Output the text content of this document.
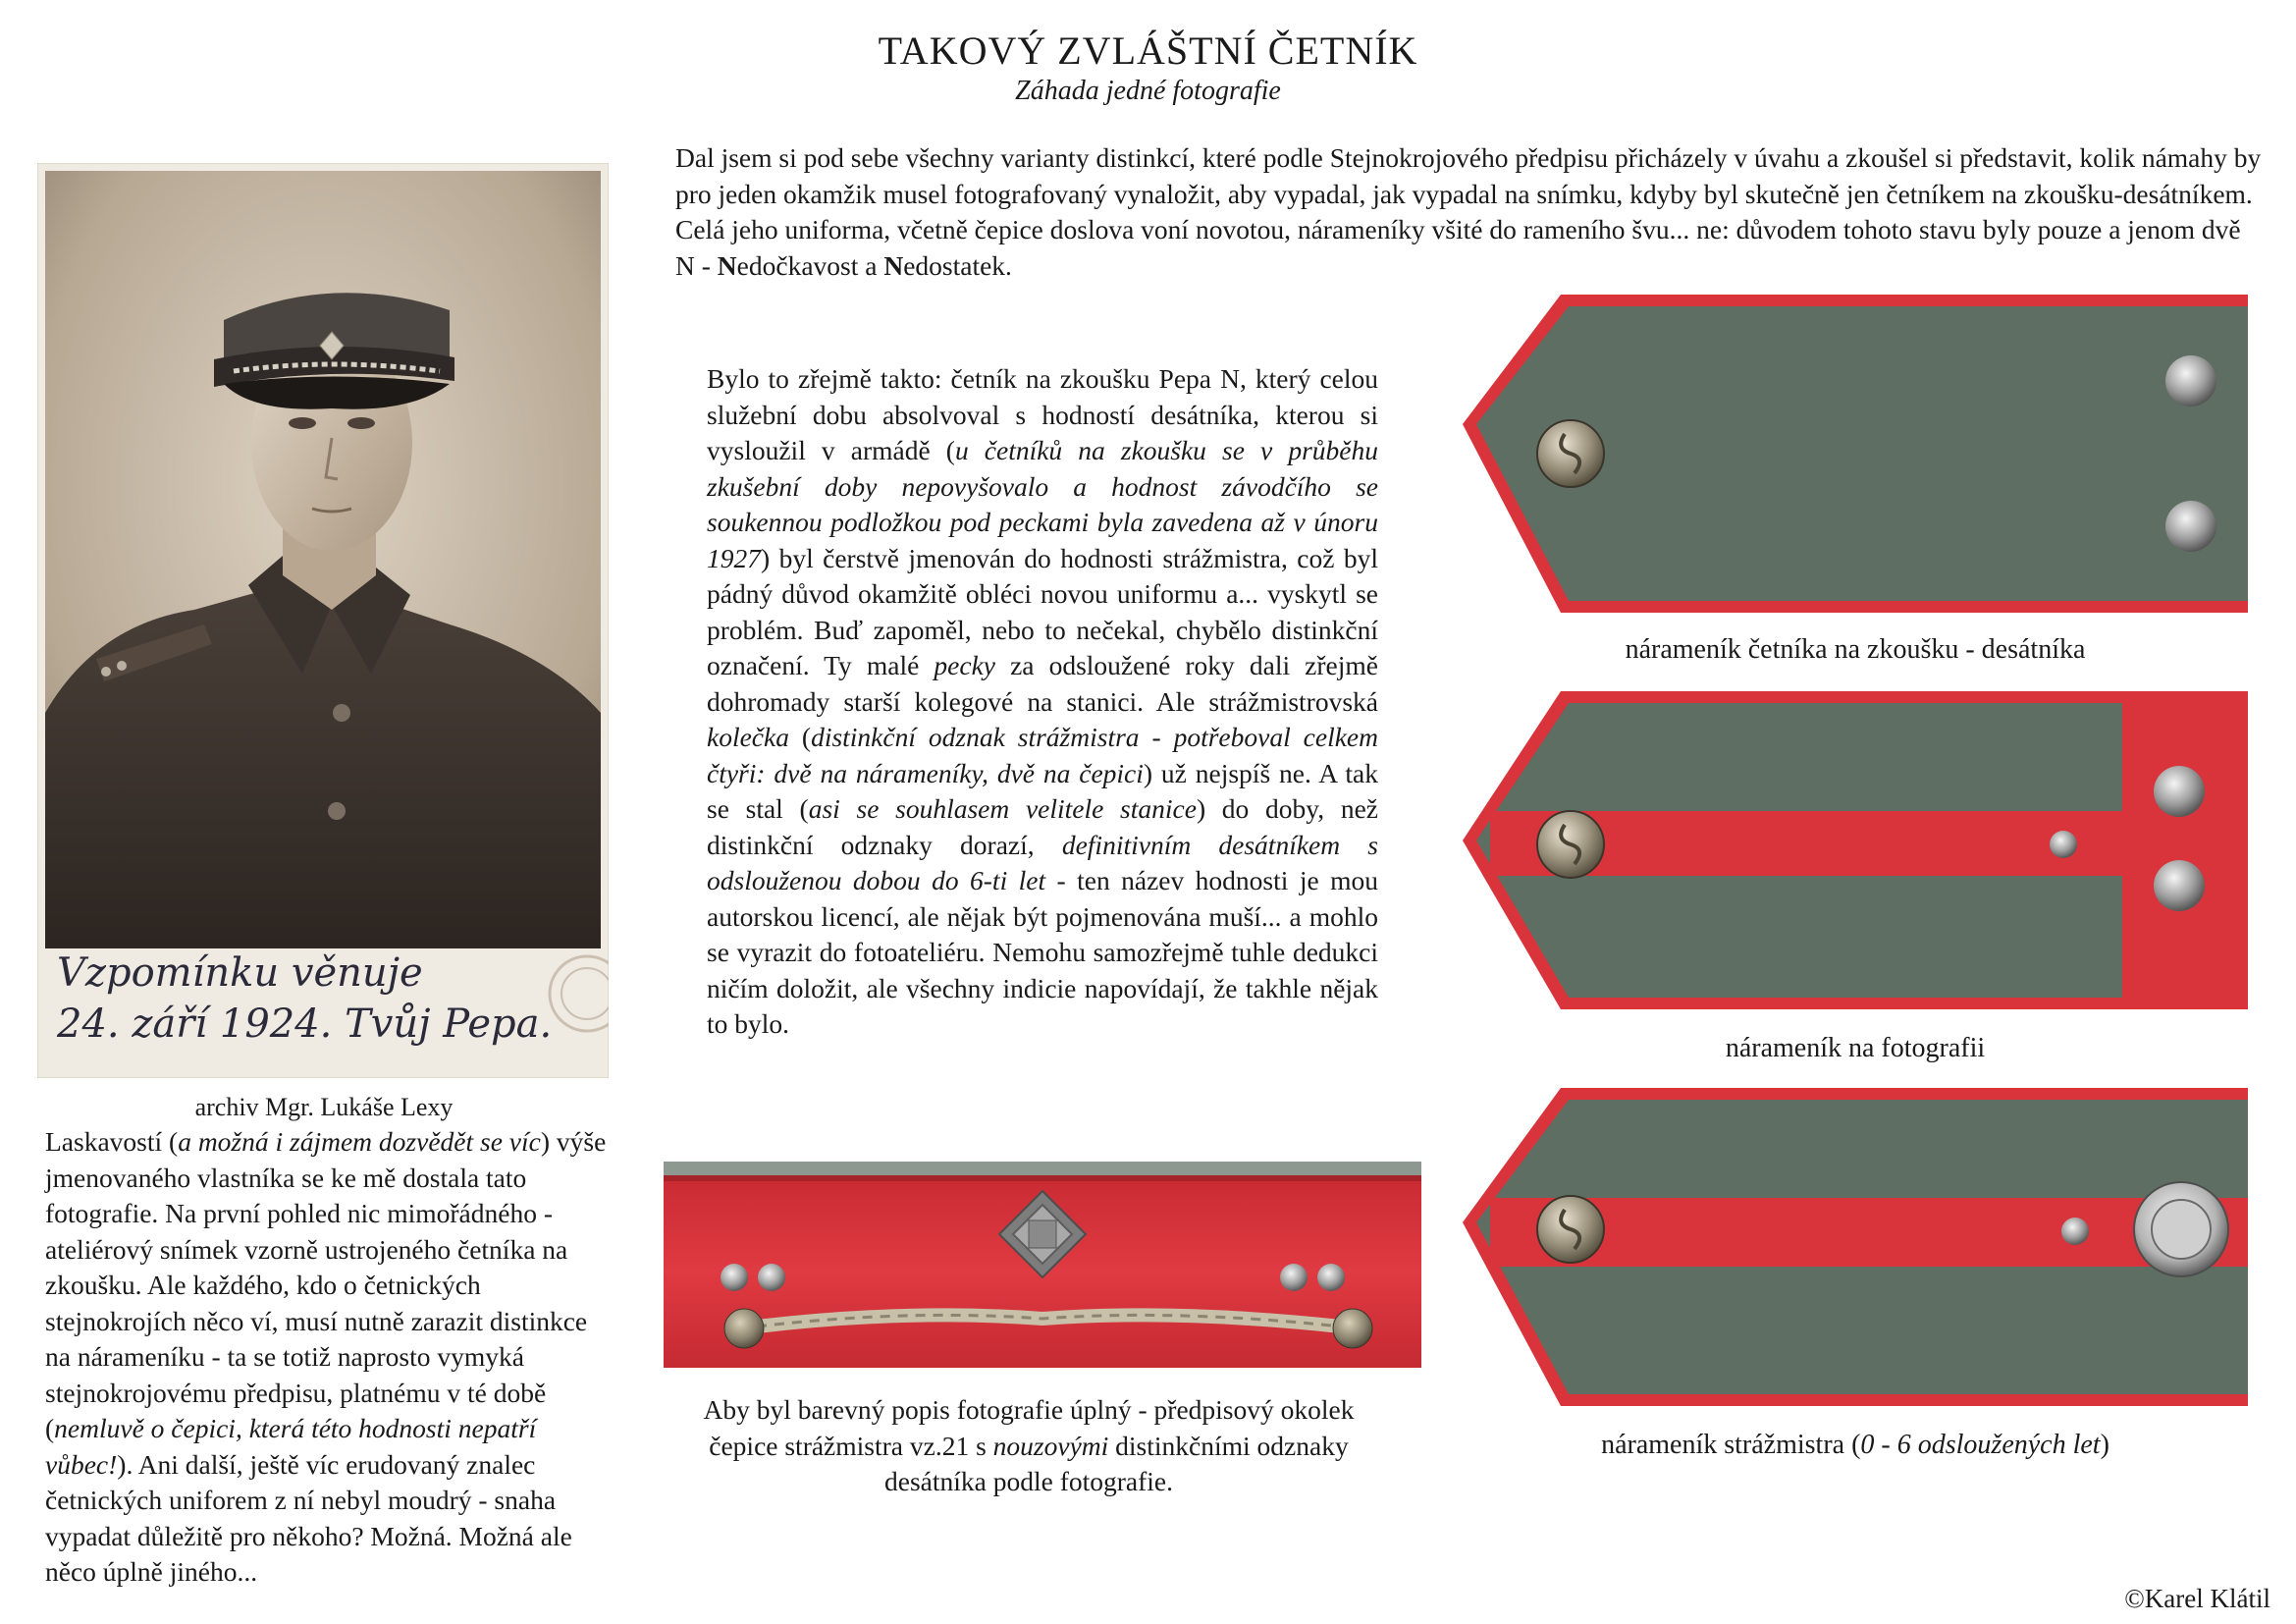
TAKOVÝ ZVLÁŠTNÍ ČETNÍK
Záhada jedné fotografie
Dal jsem si pod sebe všechny varianty distinkcí, které podle Stejnokrojového předpisu přicházely v úvahu a zkoušel si představit, kolik námahy by pro jeden okamžik musel fotografovaný vynaložit, aby vypadal, jak vypadal na snímku, kdyby byl skutečně jen četníkem na zkoušku-desátníkem. Celá jeho uniforma, včetně čepice doslova voní novotou, nárameníky všité do rameního švu... ne: důvodem tohoto stavu byly pouze a jenom dvě N - Nedočkavost a Nedostatek.
Vzpomínku věnuje
24. září 1924. Tvůj Pepa.
archiv Mgr. Lukáše Lexy
Laskavostí (a možná i zájmem dozvědět se víc) výše jmenovaného vlastníka se ke mě dostala tato fotografie. Na první pohled nic mimořádného - ateliérový snímek vzorně ustrojeného četníka na zkoušku. Ale každého, kdo o četnických stejnokrojích něco ví, musí nutně zarazit distinkce na nárameníku - ta se totiž naprosto vymyká stejnokrojovému předpisu, platnému v té době (nemluvě o čepici, která této hodnosti nepatří vůbec!). Ani další, ještě víc erudovaný znalec četnických uniforem z ní nebyl moudrý - snaha vypadat důležitě pro někoho? Možná. Možná ale něco úplně jiného...
Bylo to zřejmě takto: četník na zkoušku Pepa N, který celou služební dobu absolvoval s hodností desátníka, kterou si vysloužil v armádě (u četníků na zkoušku se v průběhu zkušební doby nepovyšovalo a hodnost závodčího se soukennou podložkou pod peckami byla zavedena až v únoru 1927) byl čerstvě jmenován do hodnosti strážmistra, což byl pádný důvod okamžitě obléci novou uniformu a... vyskytl se problém. Buď zapoměl, nebo to nečekal, chybělo distinkční označení. Ty malé pecky za odsloužené roky dali zřejmě dohromady starší kolegové na stanici. Ale strážmistrovská kolečka (distinkční odznak strážmistra - potřeboval celkem čtyři: dvě na nárameníky, dvě na čepici) už nejspíš ne. A tak se stal (asi se souhlasem velitele stanice) do doby, než distinkční odznaky dorazí, definitivním desátníkem s odslouženou dobou do 6-ti let - ten název hodnosti je mou autorskou licencí, ale nějak být pojmenována muší... a mohlo se vyrazit do fotoateliéru. Nemohu samozřejmě tuhle dedukci ničím doložit, ale všechny indicie napovídají, že takhle nějak to bylo.
Aby byl barevný popis fotografie úplný - předpisový okolek čepice strážmistra vz.21 s nouzovými distinkčními odznaky desátníka podle fotografie.
nárameník četníka na zkoušku - desátníka
nárameník na fotografii
nárameník strážmistra (0 - 6 odsloužených let)
©Karel Klátil
